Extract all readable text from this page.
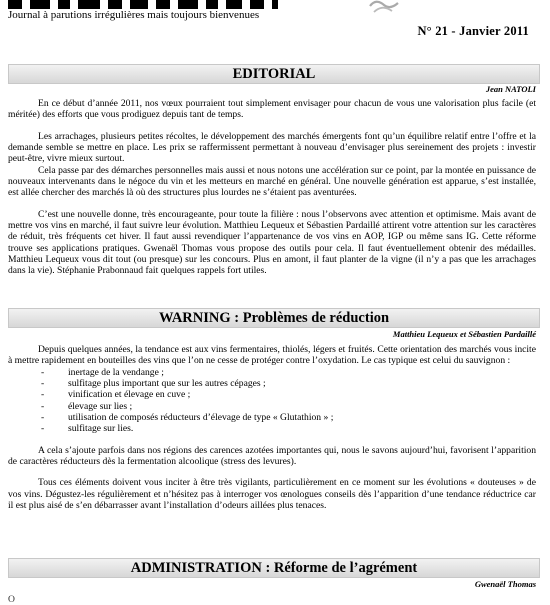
Journal à parutions irrégulières mais toujours bienvenues
N° 21 - Janvier 2011
EDITORIAL
Jean NATOLI

En ce début d’année 2011, nos vœux pourraient tout simplement envisager pour chacun de vous une valorisation plus facile (et méritée) des efforts que vous prodiguez depuis tant de temps.

Les arrachages, plusieurs petites récoltes, le développement des marchés émergents font qu’un équilibre relatif entre l’offre et la demande semble se mettre en place. Les prix se raffermissent permettant à nouveau d’envisager plus sereinement des projets : investir peut-être, vivre mieux surtout.

Cela passe par des démarches personnelles mais aussi et nous notons une accélération sur ce point, par la montée en puissance de nouveaux intervenants dans le négoce du vin et les metteurs en marché en général. Une nouvelle génération est apparue, s’est installée, est allée chercher des marchés là où des structures plus lourdes ne s’étaient pas aventurées.

C’est une nouvelle donne, très encourageante, pour toute la filière : nous l’observons avec attention et optimisme. Mais avant de mettre vos vins en marché, il faut suivre leur évolution. Matthieu Lequeux et Sébastien Pardaillé attirent votre attention sur les caractères de réduit, très fréquents cet hiver. Il faut aussi revendiquer l’appartenance de vos vins en AOP, IGP ou même sans IG. Cette réforme trouve ses applications pratiques. Gwenaël Thomas vous propose des outils pour cela. Il faut éventuellement obtenir des médailles. Matthieu Lequeux vous dit tout (ou presque) sur les concours. Plus en amont, il faut planter de la vigne (il n’y a pas que les arrachages dans la vie). Stéphanie Prabonnaud fait quelques rappels fort utiles.

WARNING : Problèmes de réduction
Matthieu Lequeux et Sébastien Pardaillé

Depuis quelques années, la tendance est aux vins fermentaires, thiolés, légers et fruités. Cette orientation des marchés vous incite à mettre rapidement en bouteilles des vins que l’on ne cesse de protéger contre l’oxydation. Le cas typique est celui du sauvignon :

- inertage de la vendange ;
- sulfitage plus important que sur les autres cépages ;
- vinification et élevage en cuve ;
- élevage sur lies ;
- utilisation de composés réducteurs d’élevage de type « Glutathion » ;
- sulfitage sur lies.

A cela s’ajoute parfois dans nos régions des carences azotées importantes qui, nous le savons aujourd’hui, favorisent l’apparition de caractères réducteurs dès la fermentation alcoolique (stress des levures).

Tous ces éléments doivent vous inciter à être très vigilants, particulièrement en ce moment sur les évolutions « douteuses » de vos vins. Dégustez-les régulièrement et n’hésitez pas à interroger vos œnologues conseils dès l’apparition d’une tendance réductrice car il est plus aisé de s’en débarrasser avant l’installation d’odeurs aillées plus tenaces.

ADMINISTRATION : Réforme de l’agrément
Gwenaël Thomas
O
